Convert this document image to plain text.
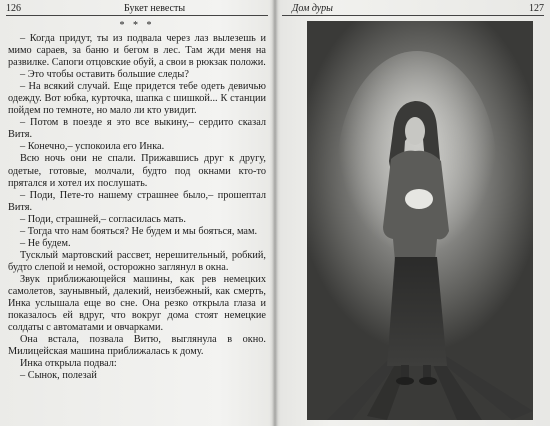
126	Букет невесты	Дом дуры	127
* * *

– Когда придут, ты из подвала через лаз вылезешь и мимо сараев, за баню и бегом в лес. Там жди меня на развилке. Сапоги отцовские обуй, а свои в рюкзак положи.

– Это чтобы оставить большие следы?

– На всякий случай. Еще придется тебе одеть девичью одежду. Вот юбка, курточка, шапка с шишкой... К станции пойдем по темноте, но мало ли кто увидит.

– Потом в поезде я это все выкину,– сердито сказал Витя.

– Конечно,– успокоила его Инка.

Всю ночь они не спали. Прижавшись друг к другу, одетые, готовые, молчали, будто под окнами кто-то прятался и хотел их послушать.

– Поди, Пете-то нашему страшнее было,– прошептал Витя.

– Поди, страшней,– согласилась мать.

– Тогда что нам бояться? Не будем и мы бояться, мам.

– Не будем.

Тусклый мартовский рассвет, нерешительный, робкий, будто слепой и немой, осторожно заглянул в окна.

Звук приближающейся машины, как рев немецких самолетов, заунывный, далекий, неизбежный, как смерть, Инка услышала еще во сне. Она резко открыла глаза и показалось ей вдруг, что вокруг дома стоят немецкие солдаты с автоматами и овчарками.

Она встала, позвала Витю, выглянула в окно. Милицейская машина приближалась к дому.

Инка открыла подвал:

– Сынок, полезай
